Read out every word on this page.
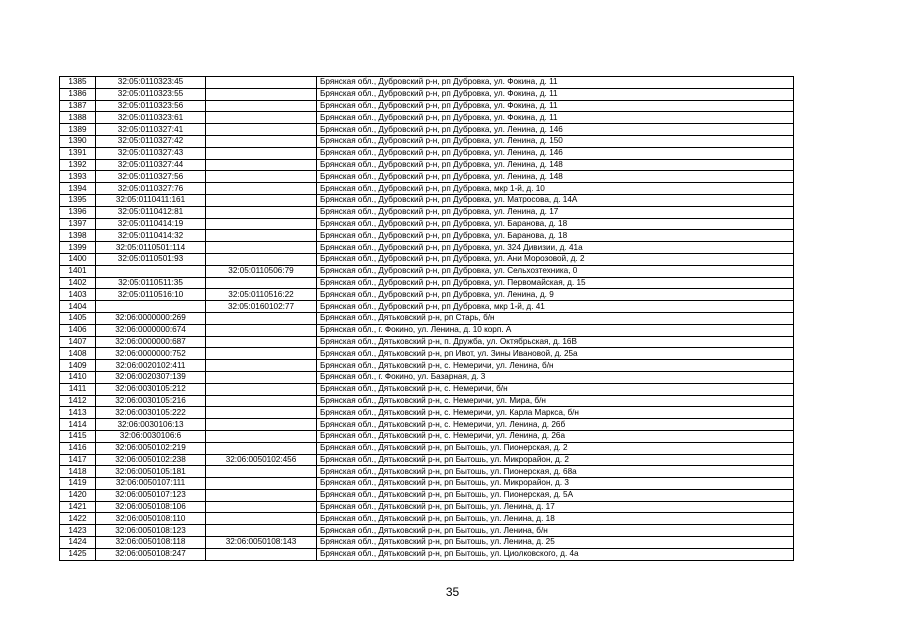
1385	32:05:0110323:45		Брянская обл., Дубровский р-н, рп Дубровка, ул. Фокина, д. 11
1386	32:05:0110323:55		Брянская обл., Дубровский р-н, рп Дубровка, ул. Фокина, д. 11
1387	32:05:0110323:56		Брянская обл., Дубровский р-н, рп Дубровка, ул. Фокина, д. 11
1388	32:05:0110323:61		Брянская обл., Дубровский р-н, рп Дубровка, ул. Фокина, д. 11
1389	32:05:0110327:41		Брянская обл., Дубровский р-н, рп Дубровка, ул. Ленина, д. 146
1390	32:05:0110327:42		Брянская обл., Дубровский р-н, рп Дубровка, ул. Ленина, д. 150
1391	32:05:0110327:43		Брянская обл., Дубровский р-н, рп Дубровка, ул. Ленина, д. 146
1392	32:05:0110327:44		Брянская обл., Дубровский р-н, рп Дубровка, ул. Ленина, д. 148
1393	32:05:0110327:56		Брянская обл., Дубровский р-н, рп Дубровка, ул. Ленина, д. 148
1394	32:05:0110327:76		Брянская обл., Дубровский р-н, рп Дубровка, мкр 1-й, д. 10
1395	32:05:0110411:161		Брянская обл., Дубровский р-н, рп Дубровка, ул. Матросова, д. 14А
1396	32:05:0110412:81		Брянская обл., Дубровский р-н, рп Дубровка, ул. Ленина, д. 17
1397	32:05:0110414:19		Брянская обл., Дубровский р-н, рп Дубровка, ул. Баранова, д. 18
1398	32:05:0110414:32		Брянская обл., Дубровский р-н, рп Дубровка, ул. Баранова, д. 18
1399	32:05:0110501:114		Брянская обл., Дубровский р-н, рп Дубровка, ул. 324 Дивизии, д. 41а
1400	32:05:0110501:93		Брянская обл., Дубровский р-н, рп Дубровка, ул. Ани Морозовой, д. 2
1401		32:05:0110506:79	Брянская обл., Дубровский р-н, рп Дубровка, ул. Сельхозтехника, 0
1402	32:05:0110511:35		Брянская обл., Дубровский р-н, рп Дубровка, ул. Первомайская, д. 15
1403	32:05:0110516:10	32:05:0110516:22	Брянская обл., Дубровский р-н, рп Дубровка, ул. Ленина, д. 9
1404		32:05:0160102:77	Брянская обл., Дубровский р-н, рп Дубровка, мкр 1-й, д. 41
1405	32:06:0000000:269		Брянская обл., Дятьковский р-н, рп Старь, б/н
1406	32:06:0000000:674		Брянская обл., г. Фокино, ул. Ленина, д. 10 корп. А
1407	32:06:0000000:687		Брянская обл., Дятьковский р-н, п. Дружба, ул. Октябрьская, д. 16В
1408	32:06:0000000:752		Брянская обл., Дятьковский р-н, рп Ивот, ул. Зины Ивановой, д. 25а
1409	32:06:0020102:411		Брянская обл., Дятьковский р-н, с. Немеричи, ул. Ленина, б/н
1410	32:06:0020307:139		Брянская обл., г. Фокино, ул. Базарная, д. 3
1411	32:06:0030105:212		Брянская обл., Дятьковский р-н, с. Немеричи, б/н
1412	32:06:0030105:216		Брянская обл., Дятьковский р-н, с. Немеричи, ул. Мира, б/н
1413	32:06:0030105:222		Брянская обл., Дятьковский р-н, с. Немеричи, ул. Карла Маркса, б/н
1414	32:06:0030106:13		Брянская обл., Дятьковский р-н, с. Немеричи, ул. Ленина, д. 26б
1415	32:06:0030106:6		Брянская обл., Дятьковский р-н, с. Немеричи, ул. Ленина, д. 26а
1416	32:06:0050102:219		Брянская обл., Дятьковский р-н, рп Бытошь, ул. Пионерская, д. 2
1417	32:06:0050102:238	32:06:0050102:456	Брянская обл., Дятьковский р-н, рп Бытошь, ул. Микрорайон, д. 2
1418	32:06:0050105:181		Брянская обл., Дятьковский р-н, рп Бытошь, ул. Пионерская, д. 68а
1419	32:06:0050107:111		Брянская обл., Дятьковский р-н, рп Бытошь, ул. Микрорайон, д. 3
1420	32:06:0050107:123		Брянская обл., Дятьковский р-н, рп Бытошь, ул. Пионерская, д. 5А
1421	32:06:0050108:106		Брянская обл., Дятьковский р-н, рп Бытошь, ул. Ленина, д. 17
1422	32:06:0050108:110		Брянская обл., Дятьковский р-н, рп Бытошь, ул. Ленина, д. 18
1423	32:06:0050108:123		Брянская обл., Дятьковский р-н, рп Бытошь, ул. Ленина, б/н
1424	32:06:0050108:118	32:06:0050108:143	Брянская обл., Дятьковский р-н, рп Бытошь, ул. Ленина, д. 25
1425	32:06:0050108:247		Брянская обл., Дятьковский р-н, рп Бытошь, ул. Циолковского, д. 4а
35
